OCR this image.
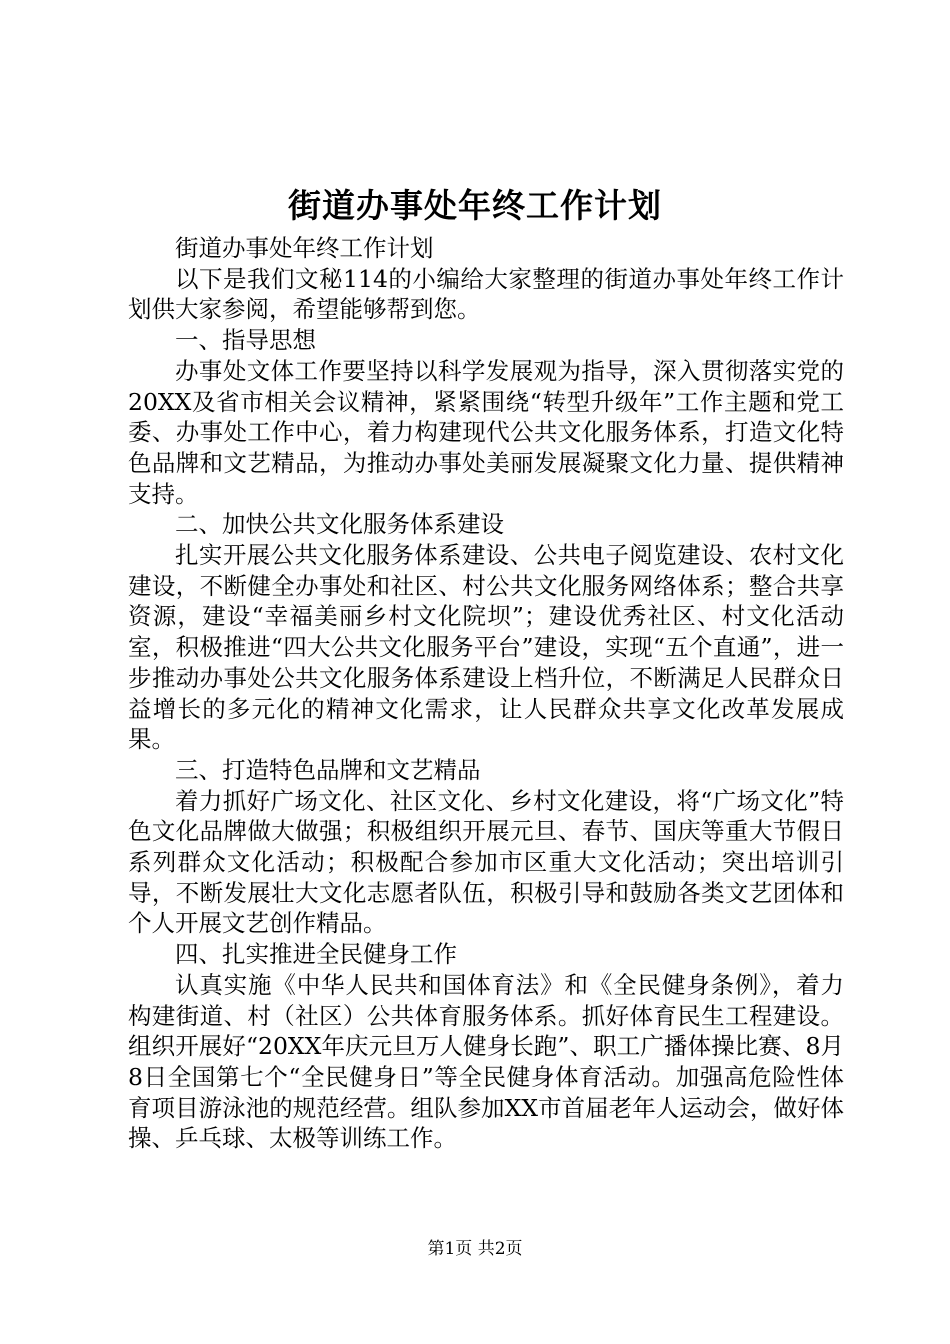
街道办事处年终工作计划

街道办事处年终工作计划

以下是我们文秘114的小编给大家整理的街道办事处年终工作计划供大家参阅，希望能够帮到您。

一、指导思想

办事处文体工作要坚持以科学发展观为指导，深入贯彻落实党的20XX及省市相关会议精神，紧紧围绕“转型升级年”工作主题和党工委、办事处工作中心，着力构建现代公共文化服务体系，打造文化特色品牌和文艺精品，为推动办事处美丽发展凝聚文化力量、提供精神支持。

二、加快公共文化服务体系建设

扎实开展公共文化服务体系建设、公共电子阅览建设、农村文化建设，不断健全办事处和社区、村公共文化服务网络体系；整合共享资源，建设“幸福美丽乡村文化院坝”；建设优秀社区、村文化活动室，积极推进“四大公共文化服务平台”建设，实现“五个直通”，进一步推动办事处公共文化服务体系建设上档升位，不断满足人民群众日益增长的多元化的精神文化需求，让人民群众共享文化改革发展成果。

三、打造特色品牌和文艺精品

着力抓好广场文化、社区文化、乡村文化建设，将“广场文化”特色文化品牌做大做强；积极组织开展元旦、春节、国庆等重大节假日系列群众文化活动；积极配合参加市区重大文化活动；突出培训引导，不断发展壮大文化志愿者队伍，积极引导和鼓励各类文艺团体和个人开展文艺创作精品。

四、扎实推进全民健身工作

认真实施《中华人民共和国体育法》和《全民健身条例》，着力构建街道、村（社区）公共体育服务体系。抓好体育民生工程建设。组织开展好“20XX年庆元旦万人健身长跑”、职工广播体操比赛、8月8日全国第七个“全民健身日”等全民健身体育活动。加强高危险性体育项目游泳池的规范经营。组队参加XX市首届老年人运动会，做好体操、乒乓球、太极等训练工作。

第1页 共2页
